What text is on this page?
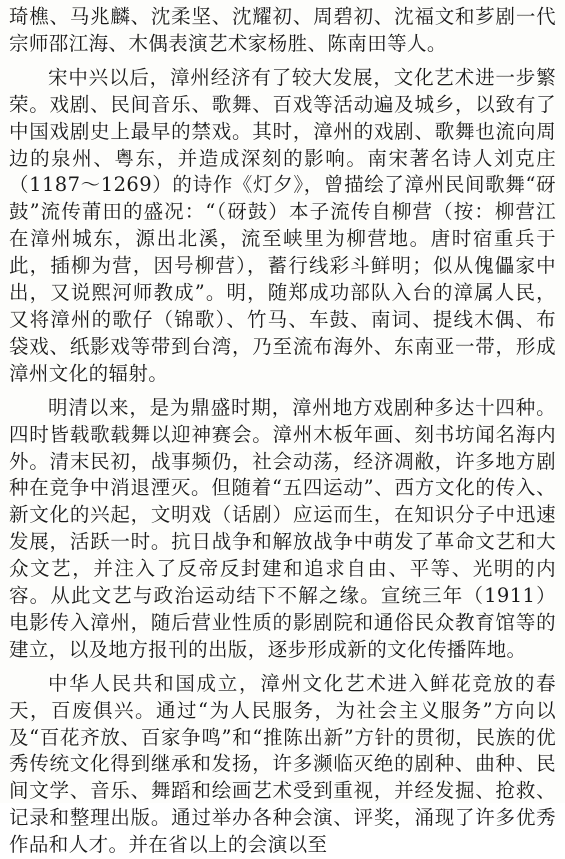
琦樵、马兆麟、沈柔坚、沈耀初、周碧初、沈福文和芗剧一代宗师邵江海、木偶表演艺术家杨胜、陈南田等人。

宋中兴以后，漳州经济有了较大发展，文化艺术进一步繁荣。戏剧、民间音乐、歌舞、百戏等活动遍及城乡，以致有了中国戏剧史上最早的禁戏。其时，漳州的戏剧、歌舞也流向周边的泉州、粤东，并造成深刻的影响。南宋著名诗人刘克庄（1187～1269）的诗作《灯夕》，曾描绘了漳州民间歌舞“砑鼓”流传莆田的盛况：“（砑鼓）本子流传自柳营（按：柳营江在漳州城东，源出北溪，流至峡里为柳营地。唐时宿重兵于此，插柳为营，因号柳营），蓄行线彩斗鲜明；似从傀儡家中出，又说熙河师教成”。明，随郑成功部队入台的漳属人民，又将漳州的歌仔（锦歌）、竹马、车鼓、南词、提线木偶、布袋戏、纸影戏等带到台湾，乃至流布海外、东南亚一带，形成漳州文化的辐射。

明清以来，是为鼎盛时期，漳州地方戏剧种多达十四种。四时皆载歌载舞以迎神赛会。漳州木板年画、刻书坊闻名海内外。清末民初，战事频仍，社会动荡，经济凋敝，许多地方剧种在竞争中消退湮灭。但随着“五四运动”、西方文化的传入、新文化的兴起，文明戏（话剧）应运而生，在知识分子中迅速发展，活跃一时。抗日战争和解放战争中萌发了革命文艺和大众文艺，并注入了反帝反封建和追求自由、平等、光明的内容。从此文艺与政治运动结下不解之缘。宣统三年（1911）电影传入漳州，随后营业性质的影剧院和通俗民众教育馆等的建立，以及地方报刊的出版，逐步形成新的文化传播阵地。

中华人民共和国成立，漳州文化艺术进入鲜花竞放的春天，百废俱兴。通过“为人民服务，为社会主义服务”方向以及“百花齐放、百家争鸣”和“推陈出新”方针的贯彻，民族的优秀传统文化得到继承和发扬，许多濒临灭绝的剧种、曲种、民间文学、音乐、舞蹈和绘画艺术受到重视，并经发掘、抢救、记录和整理出版。通过举办各种会演、评奖，涌现了许多优秀作品和人才。并在省以上的会演以至
